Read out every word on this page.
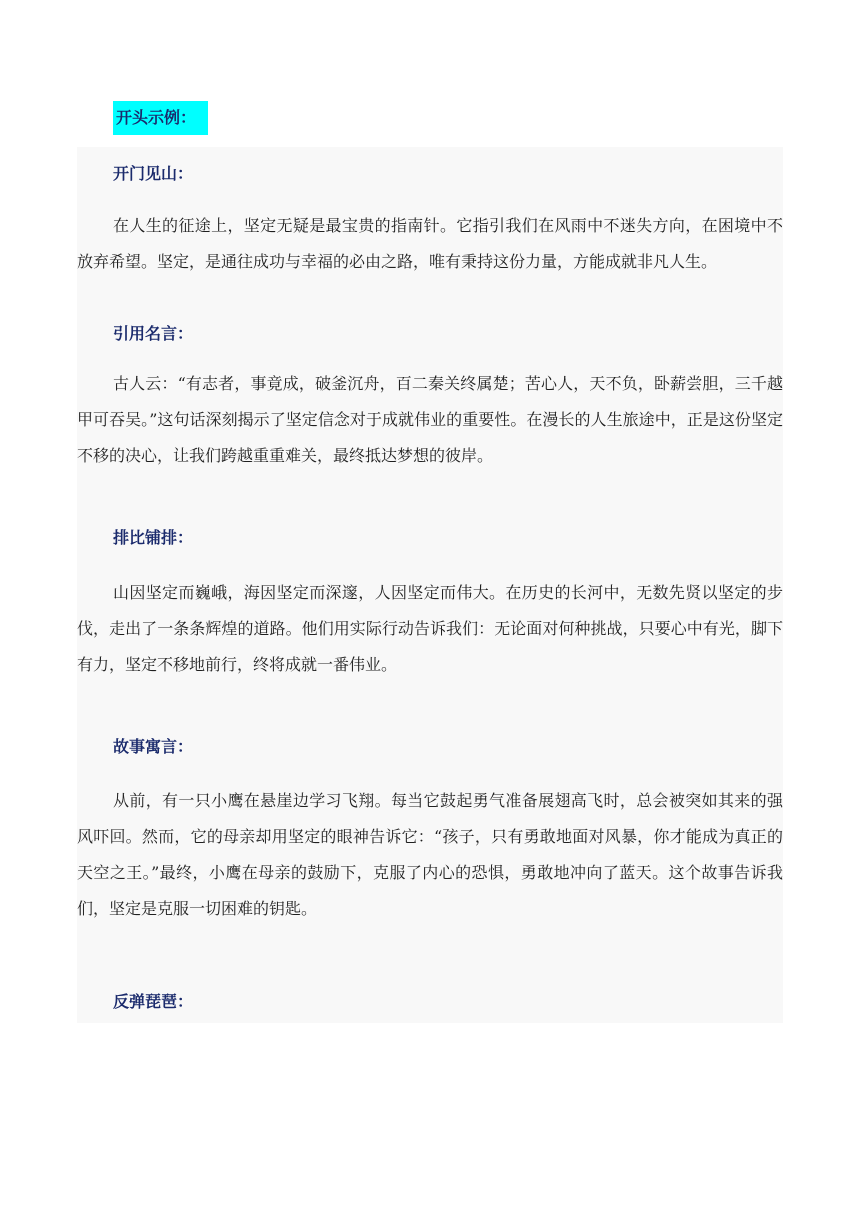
开头示例：
开门见山：
在人生的征途上，坚定无疑是最宝贵的指南针。它指引我们在风雨中不迷失方向，在困境中不放弃希望。坚定，是通往成功与幸福的必由之路，唯有秉持这份力量，方能成就非凡人生。
引用名言：
古人云：“有志者，事竟成，破釜沉舟，百二秦关终属楚；苦心人，天不负，卧薪尝胆，三千越甲可吞吴。”这句话深刻揭示了坚定信念对于成就伟业的重要性。在漫长的人生旅途中，正是这份坚定不移的决心，让我们跨越重重难关，最终抵达梦想的彼岸。
排比铺排：
山因坚定而巍峨，海因坚定而深邃，人因坚定而伟大。在历史的长河中，无数先贤以坚定的步伐，走出了一条条辉煌的道路。他们用实际行动告诉我们：无论面对何种挑战，只要心中有光，脚下有力，坚定不移地前行，终将成就一番伟业。
故事寓言：
从前，有一只小鹰在悬崖边学习飞翔。每当它鼓起勇气准备展翅高飞时，总会被突如其来的强风吓回。然而，它的母亲却用坚定的眼神告诉它：“孩子，只有勇敢地面对风暴，你才能成为真正的天空之王。”最终，小鹰在母亲的鼓励下，克服了内心的恐惧，勇敢地冲向了蓝天。这个故事告诉我们，坚定是克服一切困难的钥匙。
反弹琵琶：
